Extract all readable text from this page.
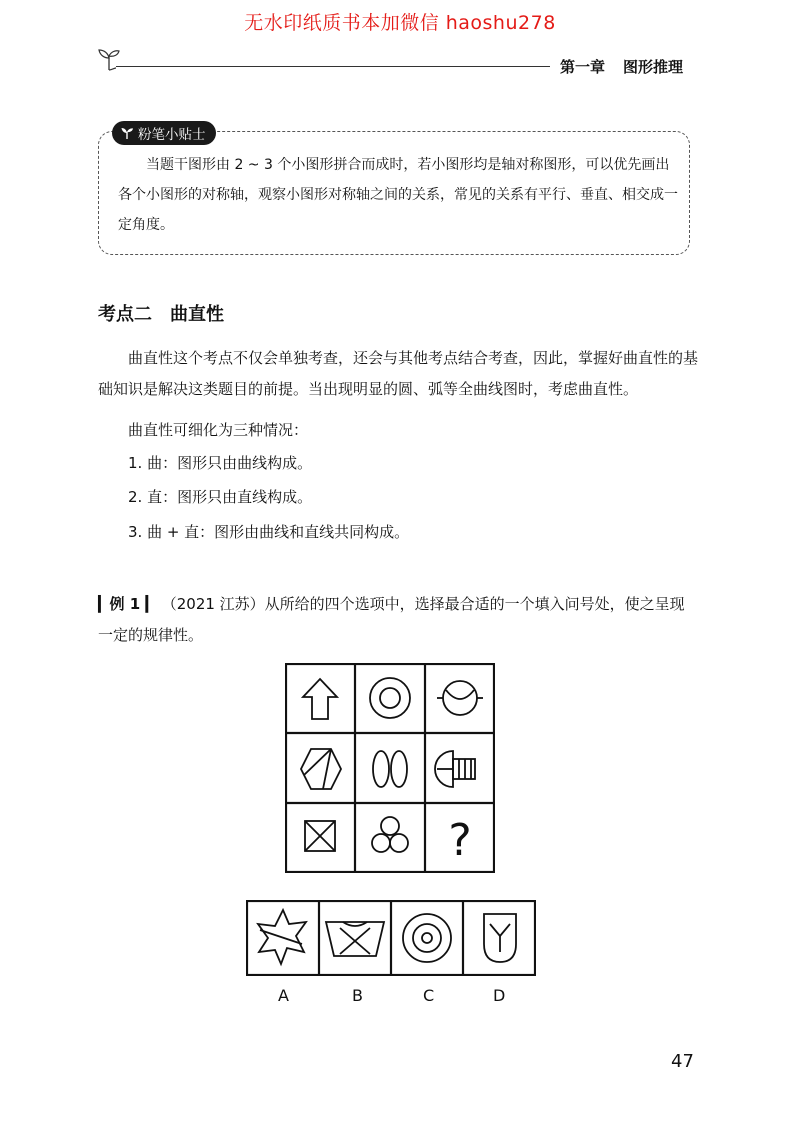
无水印纸质书本加微信 haoshu278
第一章 图形推理
粉笔小贴士
当题干图形由 2 ~ 3 个小图形拼合而成时，若小图形均是轴对称图形，可以优先画出各个小图形的对称轴，观察小图形对称轴之间的关系，常见的关系有平行、垂直、相交成一定角度。
考点二 曲直性
曲直性这个考点不仅会单独考查，还会与其他考点结合考查，因此，掌握好曲直性的基础知识是解决这类题目的前提。当出现明显的圆、弧等全曲线图时，考虑曲直性。
曲直性可细化为三种情况：
1. 曲：图形只由曲线构成。
2. 直：图形只由直线构成。
3. 曲 + 直：图形由曲线和直线共同构成。
▎例 1 ▎ （2021 江苏）从所给的四个选项中，选择最合适的一个填入问号处，使之呈现一定的规律性。
?
A	B	C	D
47
